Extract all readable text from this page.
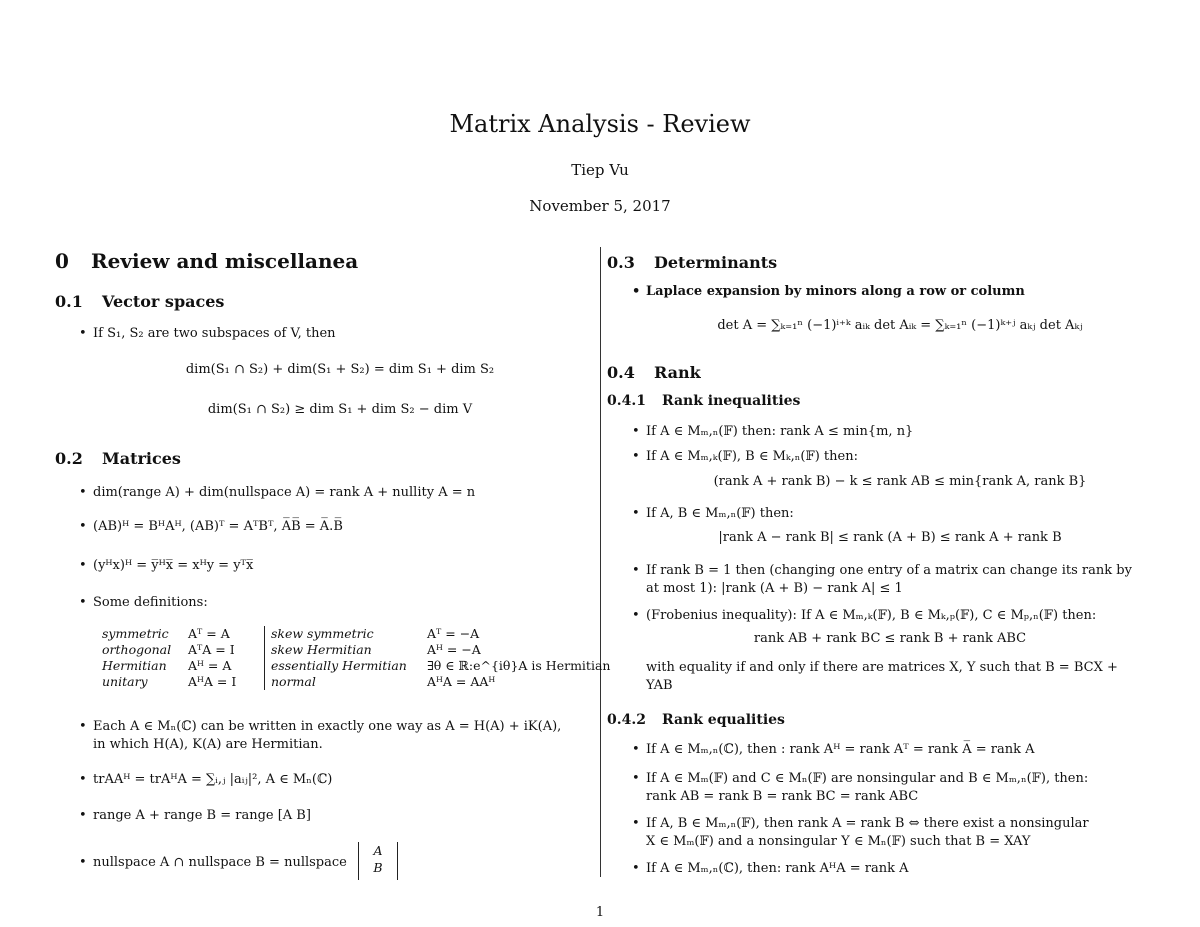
Matrix Analysis - Review
Tiep Vu
November 5, 2017
0 Review and miscellanea
0.1 Vector spaces
• If S₁, S₂ are two subspaces of V, then
dim(S₁ ∩ S₂) + dim(S₁ + S₂) = dim S₁ + dim S₂
dim(S₁ ∩ S₂) ≥ dim S₁ + dim S₂ − dim V
0.2 Matrices
• dim(range A) + dim(nullspace A) = rank A + nullity A = n
• (AB)ᴴ = BᴴAᴴ, (AB)ᵀ = AᵀBᵀ, A̅B̅ = A̅.B̅
• (yᴴx)ᴴ = y̅ᴴx̅ = xᴴy = yᵀx̅
• Some definitions:
symmetric	Aᵀ = A	skew symmetric	Aᵀ = −A
orthogonal	AᵀA = I	skew Hermitian	Aᴴ = −A
Hermitian	Aᴴ = A	essentially Hermitian	∃θ ∈ ℝ:e^{iθ}A is Hermitian
unitary	AᴴA = I	normal	AᴴA = AAᴴ
• Each A ∈ Mₙ(ℂ) can be written in exactly one way as A = H(A) + iK(A),
in which H(A), K(A) are Hermitian.
• trAAᴴ = trAᴴA = ∑ᵢ,ⱼ |aᵢⱼ|², A ∈ Mₙ(ℂ)
• range A + range B = range [A B]
• nullspace A ∩ nullspace B = nullspace
A
B
0.3 Determinants
• Laplace expansion by minors along a row or column
det A = ∑ₖ₌₁ⁿ (−1)ⁱ⁺ᵏ aᵢₖ det Aᵢₖ = ∑ₖ₌₁ⁿ (−1)ᵏ⁺ʲ aₖⱼ det Aₖⱼ
0.4 Rank
0.4.1 Rank inequalities
• If A ∈ Mₘ,ₙ(𝔽) then: rank A ≤ min{m, n}
• If A ∈ Mₘ,ₖ(𝔽), B ∈ Mₖ,ₙ(𝔽) then:
(rank A + rank B) − k ≤ rank AB ≤ min{rank A, rank B}
• If A, B ∈ Mₘ,ₙ(𝔽) then:
|rank A − rank B| ≤ rank (A + B) ≤ rank A + rank B
• If rank B = 1 then (changing one entry of a matrix can change its rank by
at most 1): |rank (A + B) − rank A| ≤ 1
• (Frobenius inequality): If A ∈ Mₘ,ₖ(𝔽), B ∈ Mₖ,ₚ(𝔽), C ∈ Mₚ,ₙ(𝔽) then:
rank AB + rank BC ≤ rank B + rank ABC
with equality if and only if there are matrices X, Y such that B = BCX +
YAB
0.4.2 Rank equalities
• If A ∈ Mₘ,ₙ(ℂ), then : rank Aᴴ = rank Aᵀ = rank A̅ = rank A
• If A ∈ Mₘ(𝔽) and C ∈ Mₙ(𝔽) are nonsingular and B ∈ Mₘ,ₙ(𝔽), then:
rank AB = rank B = rank BC = rank ABC
• If A, B ∈ Mₘ,ₙ(𝔽), then rank A = rank B ⇔ there exist a nonsingular
X ∈ Mₘ(𝔽) and a nonsingular Y ∈ Mₙ(𝔽) such that B = XAY
• If A ∈ Mₘ,ₙ(ℂ), then: rank AᴴA = rank A
1
